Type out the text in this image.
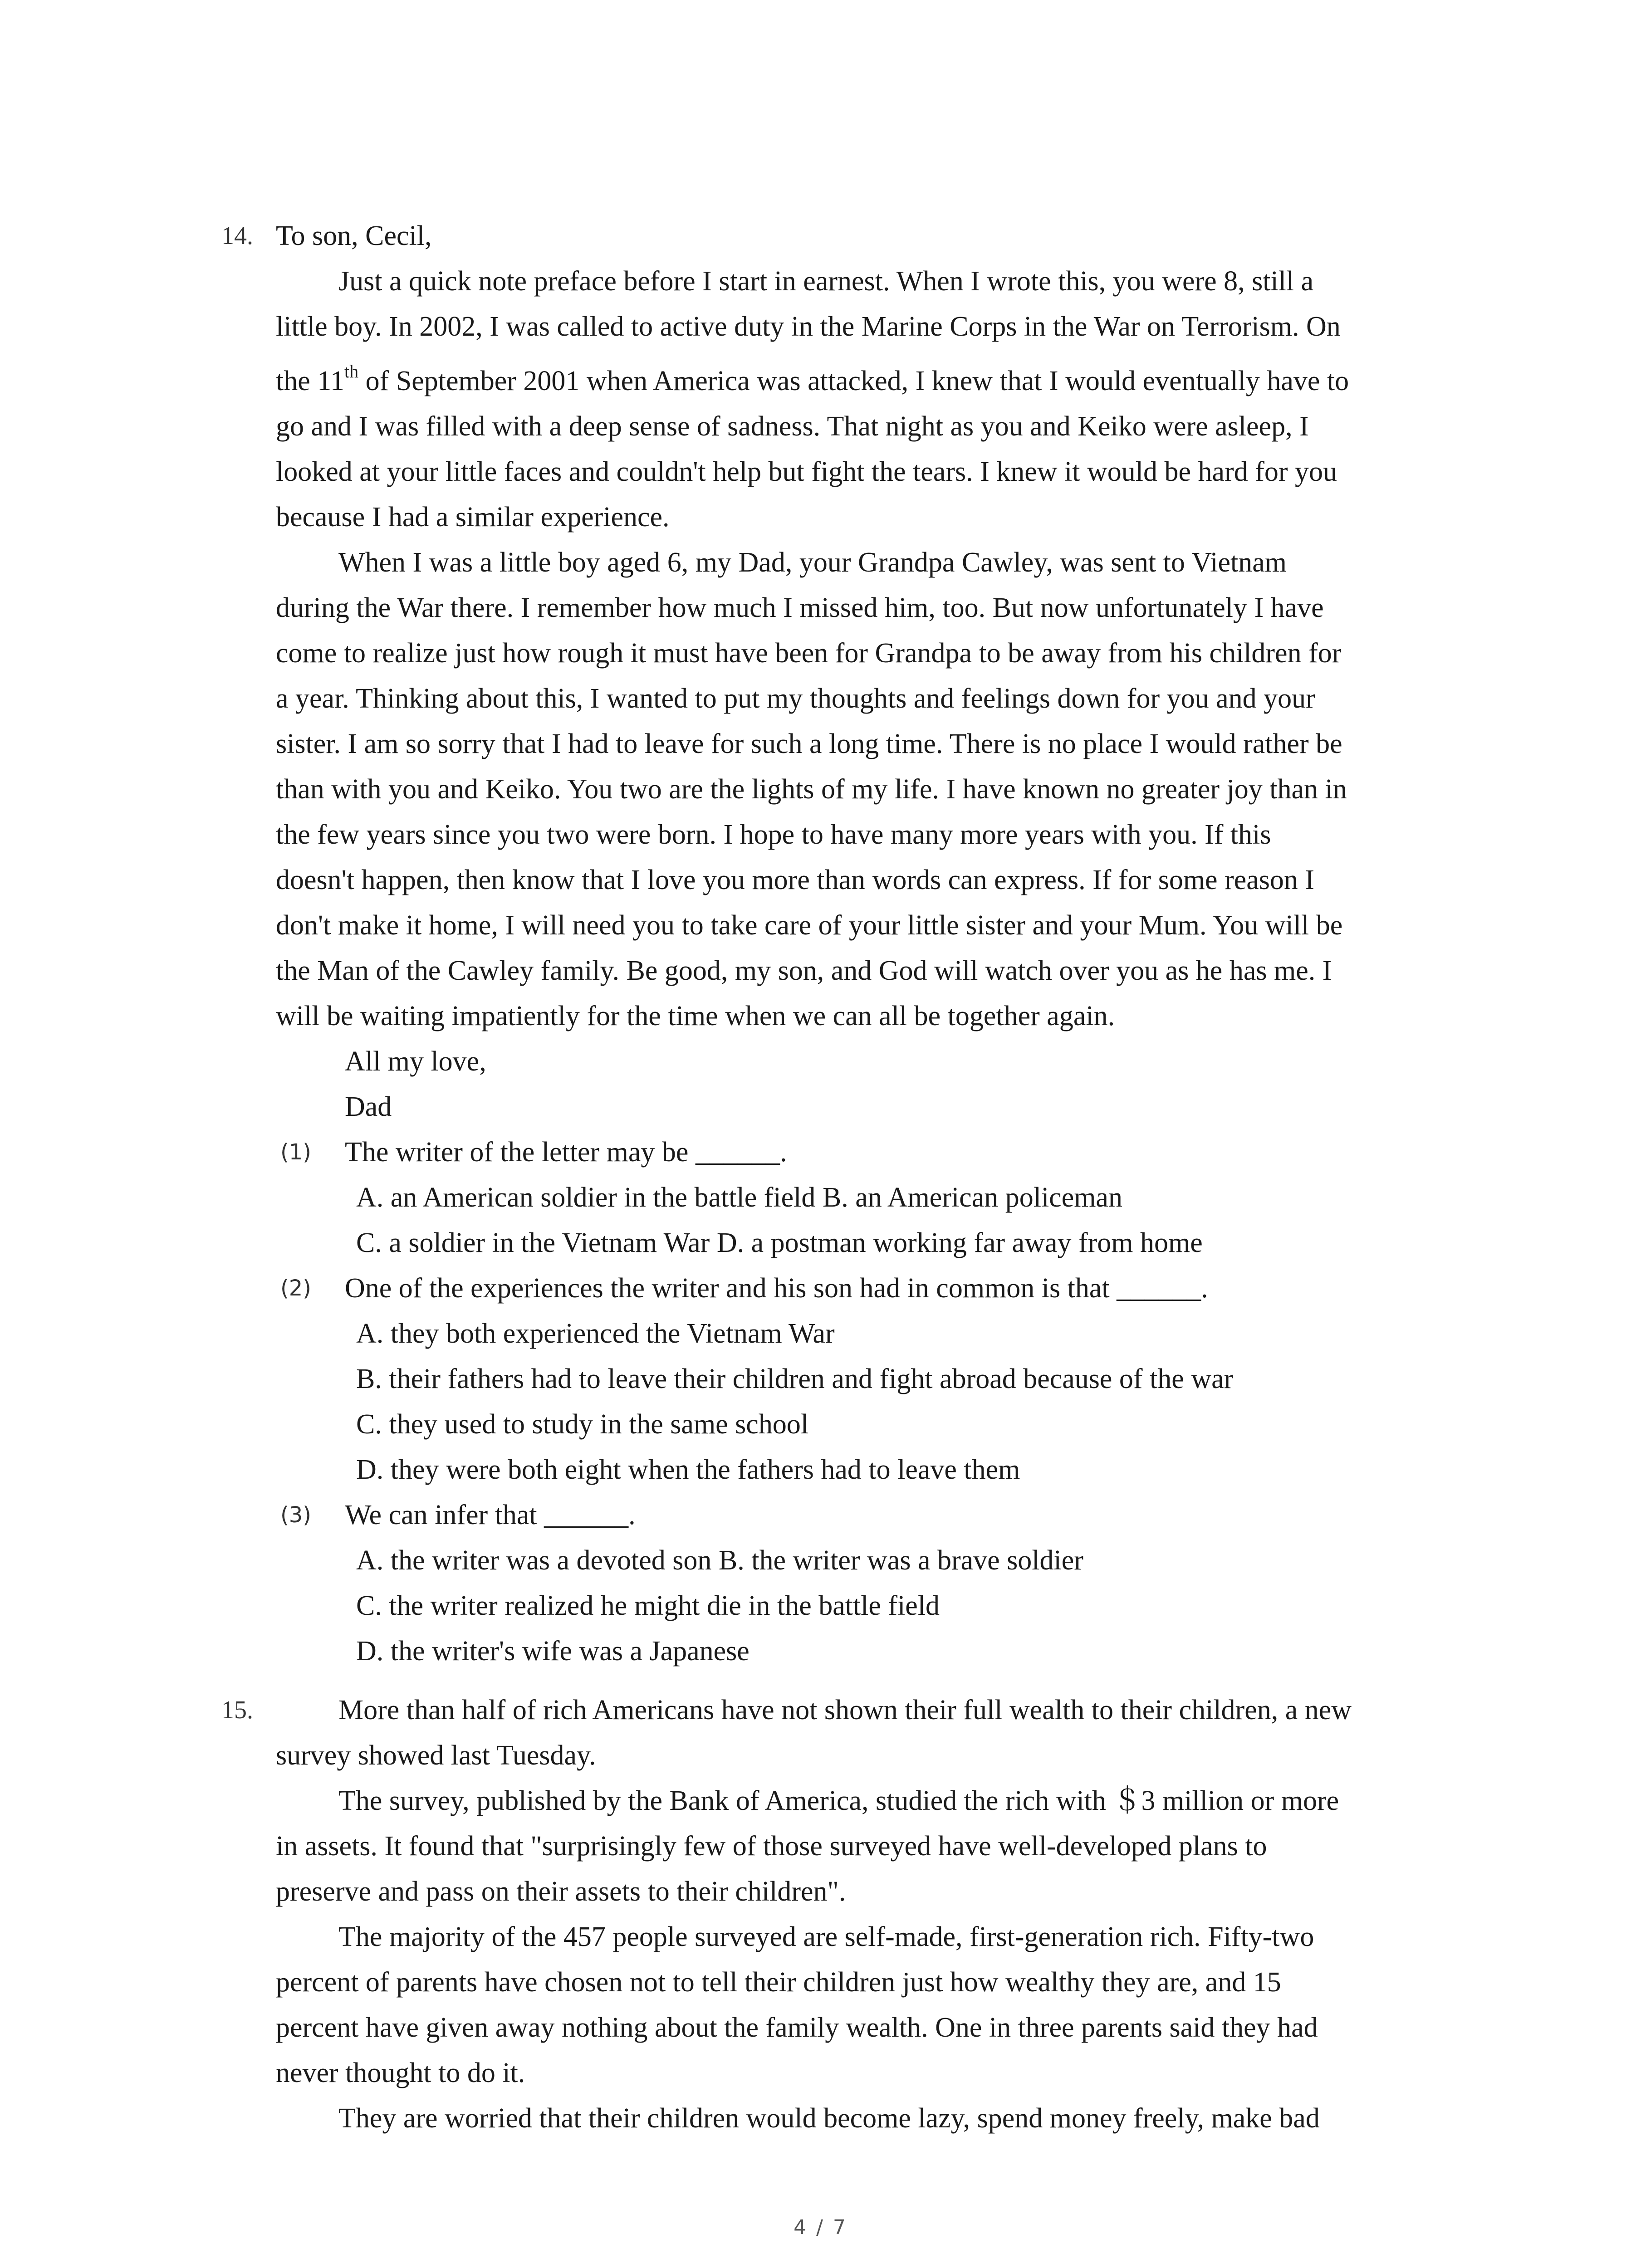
14. To son, Cecil,
Just a quick note preface before I start in earnest. When I wrote this, you were 8, still a
little boy. In 2002, I was called to active duty in the Marine Corps in the War on Terrorism. On
the 11th of September 2001 when America was attacked, I knew that I would eventually have to
go and I was filled with a deep sense of sadness. That night as you and Keiko were asleep, I
looked at your little faces and couldn't help but fight the tears. I knew it would be hard for you
because I had a similar experience.
When I was a little boy aged 6, my Dad, your Grandpa Cawley, was sent to Vietnam
during the War there. I remember how much I missed him, too. But now unfortunately I have
come to realize just how rough it must have been for Grandpa to be away from his children for
a year. Thinking about this, I wanted to put my thoughts and feelings down for you and your
sister. I am so sorry that I had to leave for such a long time. There is no place I would rather be
than with you and Keiko. You two are the lights of my life. I have known no greater joy than in
the few years since you two were born. I hope to have many more years with you. If this
doesn't happen, then know that I love you more than words can express. If for some reason I
don't make it home, I will need you to take care of your little sister and your Mum. You will be
the Man of the Cawley family. Be good, my son, and God will watch over you as he has me. I
will be waiting impatiently for the time when we can all be together again.
All my love,
Dad
(1) The writer of the letter may be ______.
A. an American soldier in the battle field B. an American policeman
C. a soldier in the Vietnam War D. a postman working far away from home
(2) One of the experiences the writer and his son had in common is that ______.
A. they both experienced the Vietnam War
B. their fathers had to leave their children and fight abroad because of the war
C. they used to study in the same school
D. they were both eight when the fathers had to leave them
(3) We can infer that ______.
A. the writer was a devoted son B. the writer was a brave soldier
C. the writer realized he might die in the battle field
D. the writer's wife was a Japanese
15.	More than half of rich Americans have not shown their full wealth to their children, a new
survey showed last Tuesday.
The survey, published by the Bank of America, studied the rich with ＄3 million or more
in assets. It found that "surprisingly few of those surveyed have well-developed plans to
preserve and pass on their assets to their children".
The majority of the 457 people surveyed are self-made, first-generation rich. Fifty-two
percent of parents have chosen not to tell their children just how wealthy they are, and 15
percent have given away nothing about the family wealth. One in three parents said they had
never thought to do it.
They are worried that their children would become lazy, spend money freely, make bad
4 / 7
